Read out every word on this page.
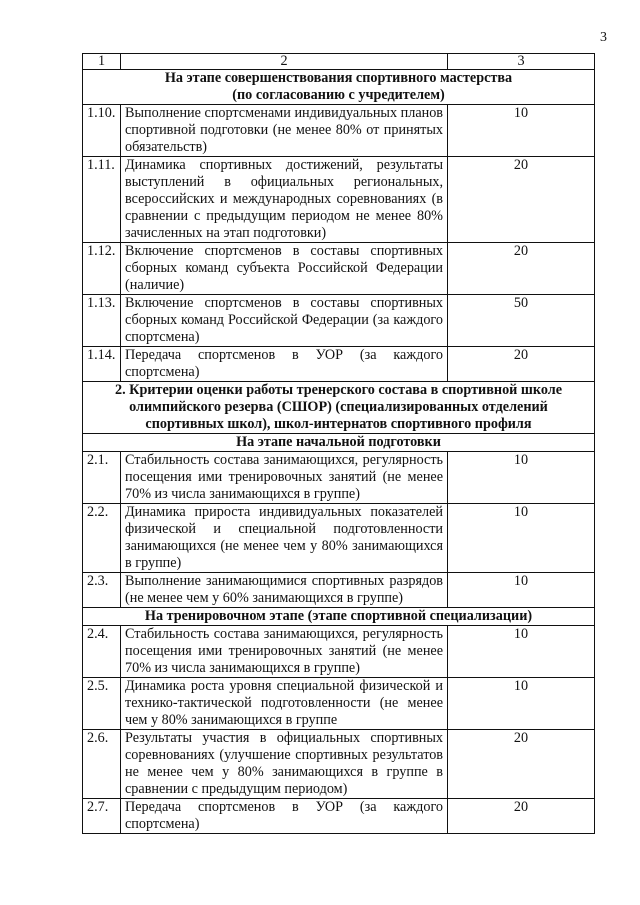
3
1	2	3

На этапе совершенствования спортивного мастерства
(по согласованию с учредителем)		

1.10.	Выполнение спортсменами индивидуальных планов спортивной подготовки (не менее 80% от принятых обязательств)	10
1.11.	Динамика спортивных достижений, результаты выступлений в официальных региональных, всероссийских и международных соревнованиях (в сравнении с предыдущим периодом не менее 80% зачисленных на этап подготовки)	20
1.12.	Включение спортсменов в составы спортивных сборных команд субъекта Российской Федерации (наличие)	20
1.13.	Включение спортсменов в составы спортивных сборных команд Российской Федерации (за каждого спортсмена)	50
1.14.	Передача спортсменов в УОР (за каждого спортсмена)	20

2. Критерии оценки работы тренерского состава в спортивной школе
олимпийского резерва (СШОР) (специализированных отделений
спортивных школ), школ-интернатов спортивного профиля		

На этапе начальной подготовки		

2.1.	Стабильность состава занимающихся, регулярность посещения ими тренировочных занятий (не менее 70% из числа занимающихся в группе)	10
2.2.	Динамика прироста индивидуальных показателей физической и специальной подготовленности занимающихся (не менее чем у 80% занимающихся в группе)	10
2.3.	Выполнение занимающимися спортивных разрядов (не менее чем у 60% занимающихся в группе)	10

На тренировочном этапе (этапе спортивной специализации)		

2.4.	Стабильность состава занимающихся, регулярность посещения ими тренировочных занятий (не менее 70% из числа занимающихся в группе)	10
2.5.	Динамика роста уровня специальной физической и технико-тактической подготовленности (не менее чем у 80% занимающихся в группе	10
2.6.	Результаты участия в официальных спортивных соревнованиях (улучшение спортивных результатов не менее чем у 80% занимающихся в группе в сравнении с предыдущим периодом)	20
2.7.	Передача спортсменов в УОР (за каждого спортсмена)	20
